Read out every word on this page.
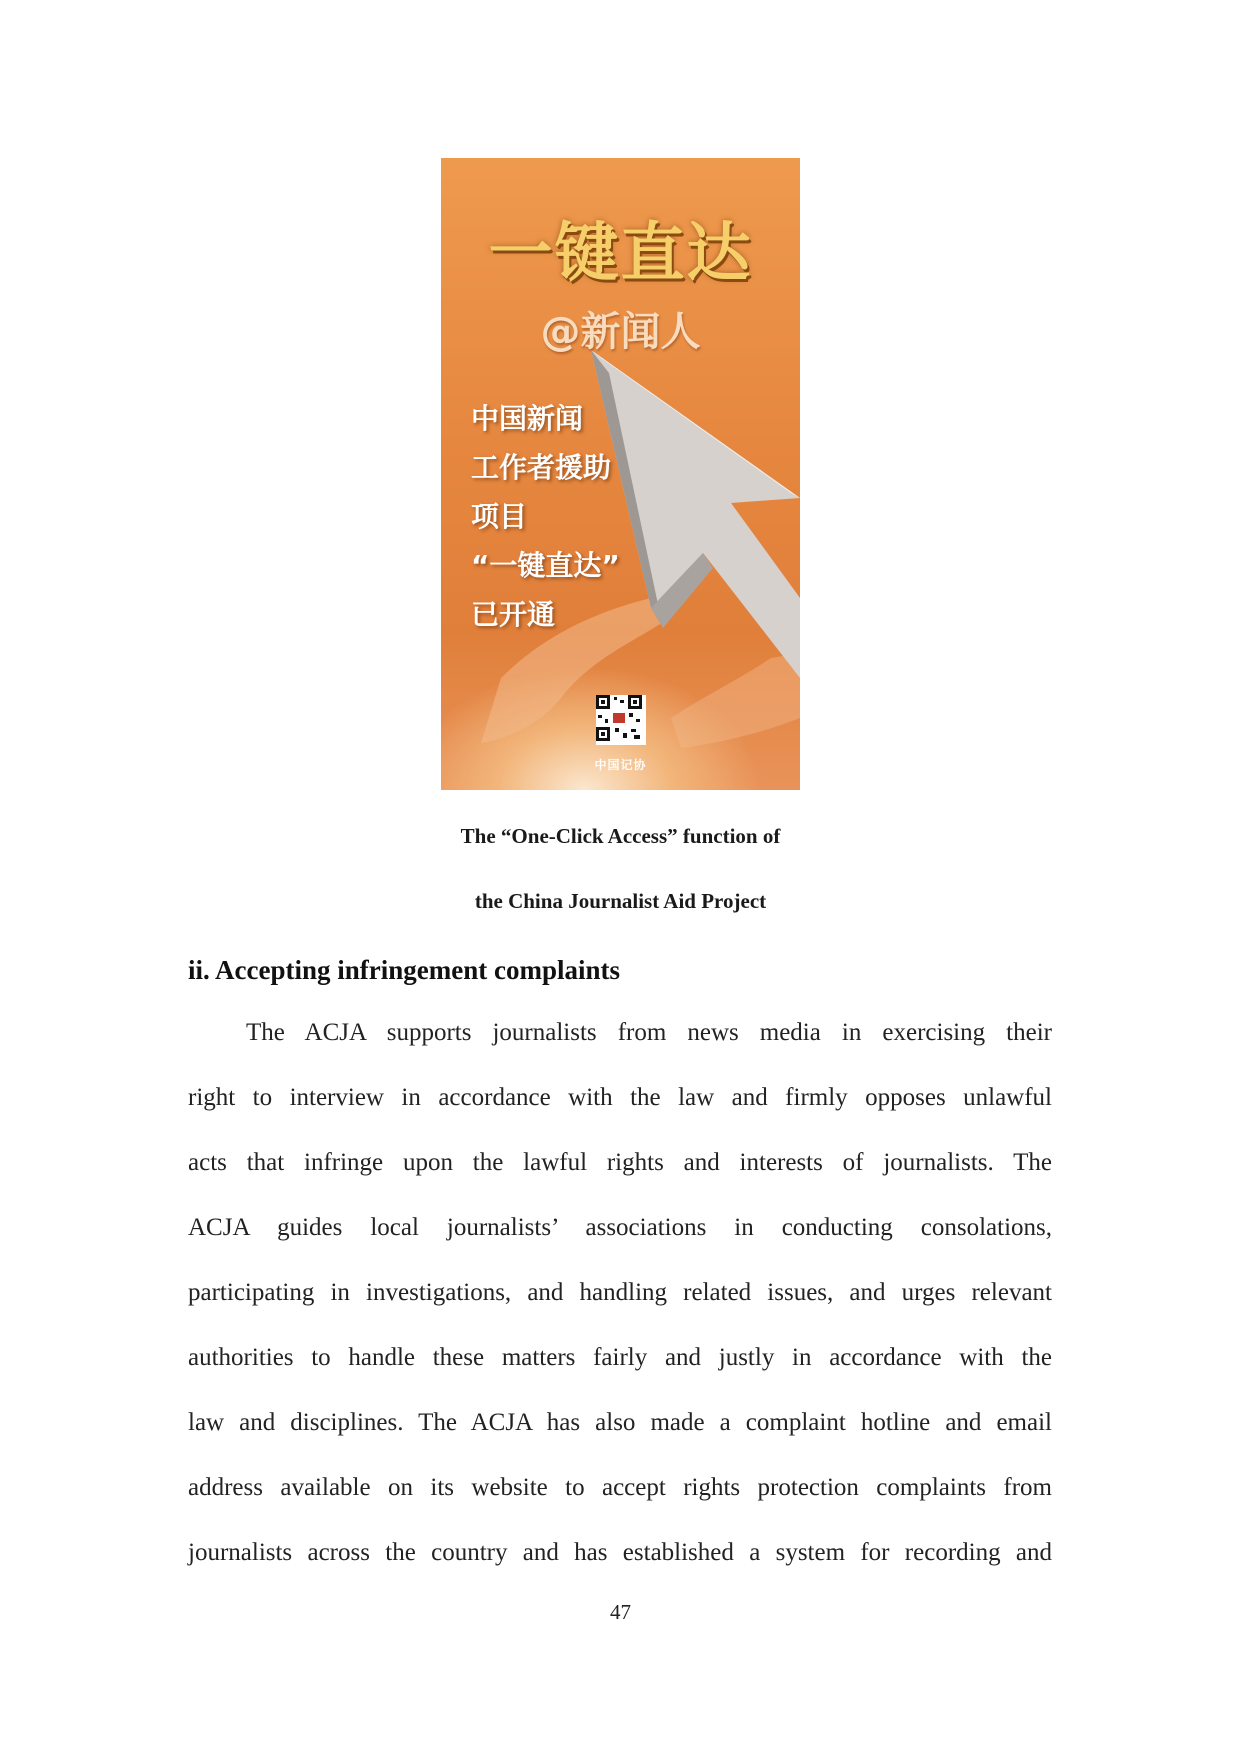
一键直达
@新闻人
中国新闻
工作者援助
项目
“一键直达”
已开通
中国记协
The “One-Click Access” function of
the China Journalist Aid Project
ii. Accepting infringement complaints
The ACJA supports journalists from news media in exercising their
right to interview in accordance with the law and firmly opposes unlawful
acts that infringe upon the lawful rights and interests of journalists. The
ACJA guides local journalists’ associations in conducting consolations,
participating in investigations, and handling related issues, and urges relevant
authorities to handle these matters fairly and justly in accordance with the
law and disciplines. The ACJA has also made a complaint hotline and email
address available on its website to accept rights protection complaints from
journalists across the country and has established a system for recording and
47
